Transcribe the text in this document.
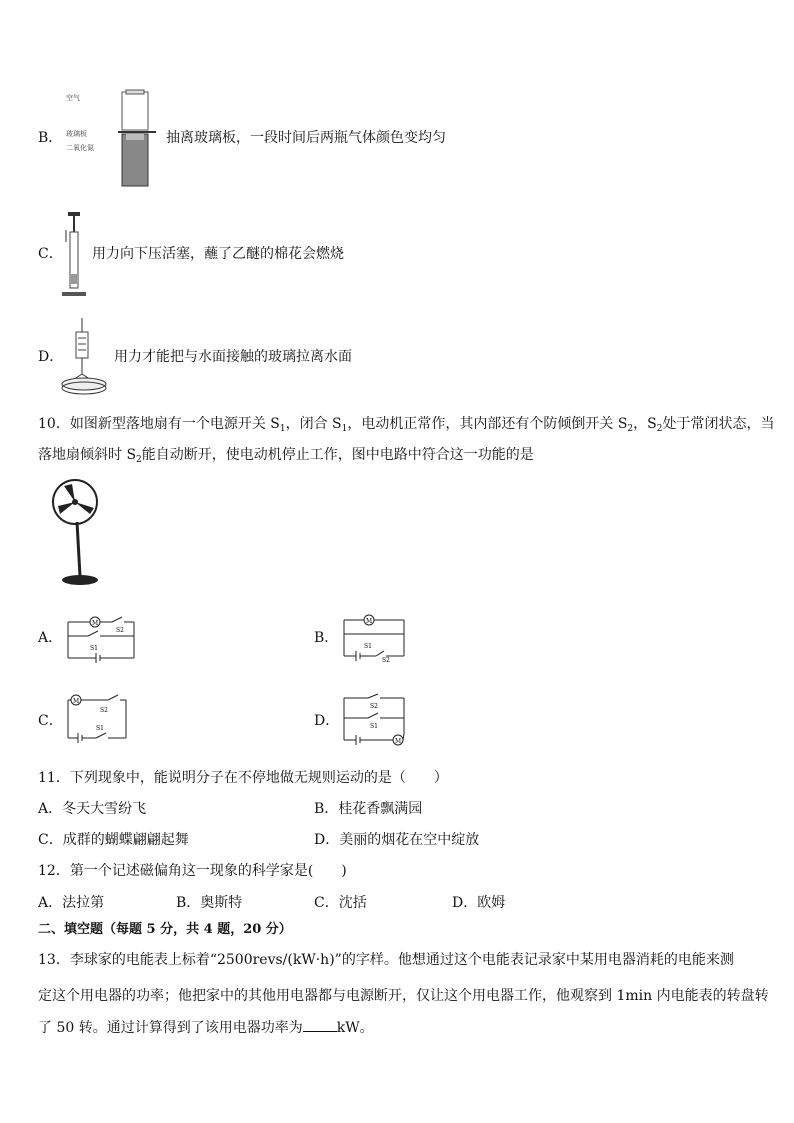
B．
空气
玻璃板
二氧化氮
抽离玻璃板，一段时间后两瓶气体颜色变均匀
C． 用力向下压活塞，蘸了乙醚的棉花会燃烧
D．	用力才能把与水面接触的玻璃拉离水面
10．如图新型落地扇有一个电源开关 $S_1$，闭合 $S_1$，电动机正常作，其内部还有个防倾倒开关 $S_2$，$S_2$处于常闭状态，当
落地扇倾斜时 $S_2$能自动断开，使电动机停止工作，图中电路中符合这一功能的是
A．
M
S2
S1
B．
M
S1
S2
C．
M
S2
S1	D．
S2
S1
M
11．下列现象中，能说明分子在不停地做无规则运动的是（　　）
A．冬天大雪纷飞	B．桂花香飘满园
C．成群的蝴蝶翩翩起舞	D．美丽的烟花在空中绽放
12．第一个记述磁偏角这一现象的科学家是(　　)
A．法拉第	B．奥斯特	C．沈括	D．欧姆
二、填空题（每题 5 分，共 4 题，20 分）
13．李球家的电能表上标着“2500revs/(kW·h)”的字样。他想通过这个电能表记录家中某用电器消耗的电能来测
定这个用电器的功率；他把家中的其他用电器都与电源断开，仅让这个用电器工作，他观察到 1min 内电能表的转盘转
了 50 转。通过计算得到了该用电器功率为 kW。
